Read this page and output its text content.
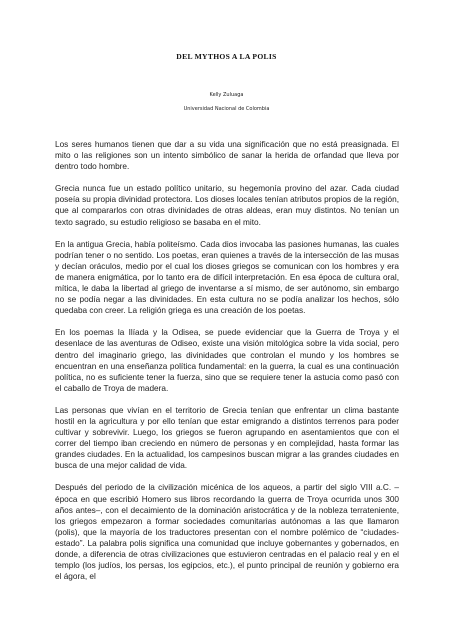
DEL MYTHOS A LA POLIS
Kelly Zuluaga
Universidad Nacional de Colombia

Los seres humanos tienen que dar a su vida una significación que no está preasignada. El mito o las religiones son un intento simbólico de sanar la herida de orfandad que lleva por dentro todo hombre.

Grecia nunca fue un estado político unitario, su hegemonía provino del azar. Cada ciudad poseía su propia divinidad protectora. Los dioses locales tenían atributos propios de la región, que al compararlos con otras divinidades de otras aldeas, eran muy distintos. No tenían un texto sagrado, su estudio religioso se basaba en el mito.

En la antigua Grecia, había politeísmo. Cada dios invocaba las pasiones humanas, las cuales podrían tener o no sentido. Los poetas, eran quienes a través de la intersección de las musas y decían oráculos, medio por el cual los dioses griegos se comunican con los hombres y era de manera enigmática, por lo tanto era de difícil interpretación. En esa época de cultura oral, mítica, le daba la libertad al griego de inventarse a sí mismo, de ser autónomo, sin embargo no se podía negar a las divinidades. En esta cultura no se podía analizar los hechos, sólo quedaba con creer. La religión griega es una creación de los poetas.

En los poemas la Ilíada y la Odisea, se puede evidenciar que la Guerra de Troya y el desenlace de las aventuras de Odiseo, existe una visión mitológica sobre la vida social, pero dentro del imaginario griego, las divinidades que controlan el mundo y los hombres se encuentran en una enseñanza política fundamental: en la guerra, la cual es una continuación política, no es suficiente tener la fuerza, sino que se requiere tener la astucia como pasó con el caballo de Troya de madera.

Las personas que vivían en el territorio de Grecia tenían que enfrentar un clima bastante hostil en la agricultura y por ello tenían que estar emigrando a distintos terrenos para poder cultivar y sobrevivir. Luego, los griegos se fueron agrupando en asentamientos que con el correr del tiempo iban creciendo en número de personas y en complejidad, hasta formar las grandes ciudades. En la actualidad, los campesinos buscan migrar a las grandes ciudades en busca de una mejor calidad de vida.

Después del periodo de la civilización micénica de los aqueos, a partir del siglo VIII a.C. –época en que escribió Homero sus libros recordando la guerra de Troya ocurrida unos 300 años antes–, con el decaimiento de la dominación aristocrática y de la nobleza terrateniente, los griegos empezaron a formar sociedades comunitarias autónomas a las que llamaron (polis), que la mayoría de los traductores presentan con el nombre polémico de “ciudades-estado”. La palabra polis significa una comunidad que incluye gobernantes y gobernados, en donde, a diferencia de otras civilizaciones que estuvieron centradas en el palacio real y en el templo (los judíos, los persas, los egipcios, etc.), el punto principal de reunión y gobierno era el ágora, el
